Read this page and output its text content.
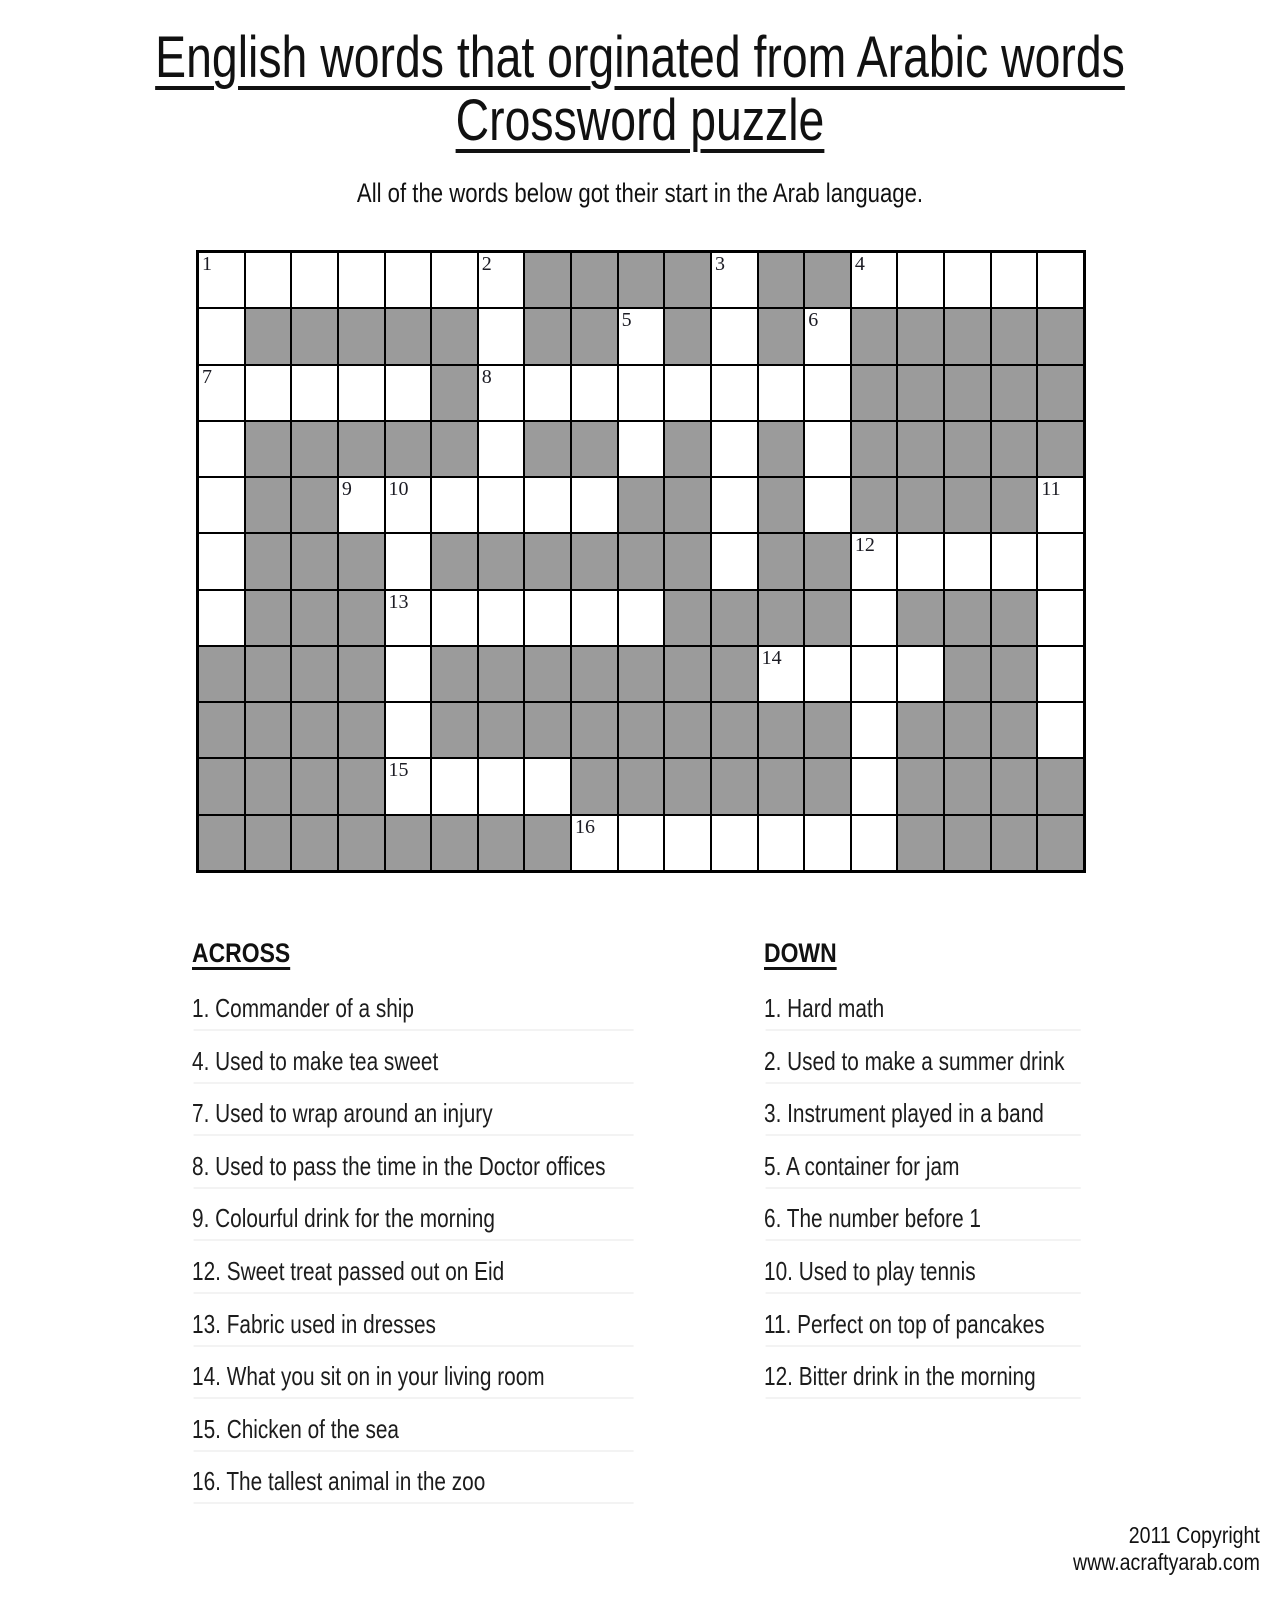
English words that orginated from Arabic words
Crossword puzzle

All of the words below got their start in the Arab language.

1	2	3	4
5	6
7	8
9 10	11
12
13
14
15
16
ACROSS
1. Commander of a ship
4. Used to make tea sweet
7. Used to wrap around an injury
8. Used to pass the time in the Doctor offices
9. Colourful drink for the morning
12. Sweet treat passed out on Eid
13. Fabric used in dresses
14. What you sit on in your living room
15. Chicken of the sea
16. The tallest animal in the zoo
DOWN
1. Hard math
2. Used to make a summer drink
3. Instrument played in a band
5. A container for jam
6. The number before 1
10. Used to play tennis
11. Perfect on top of pancakes
12. Bitter drink in the morning
2011 Copyright
www.acraftyarab.com
